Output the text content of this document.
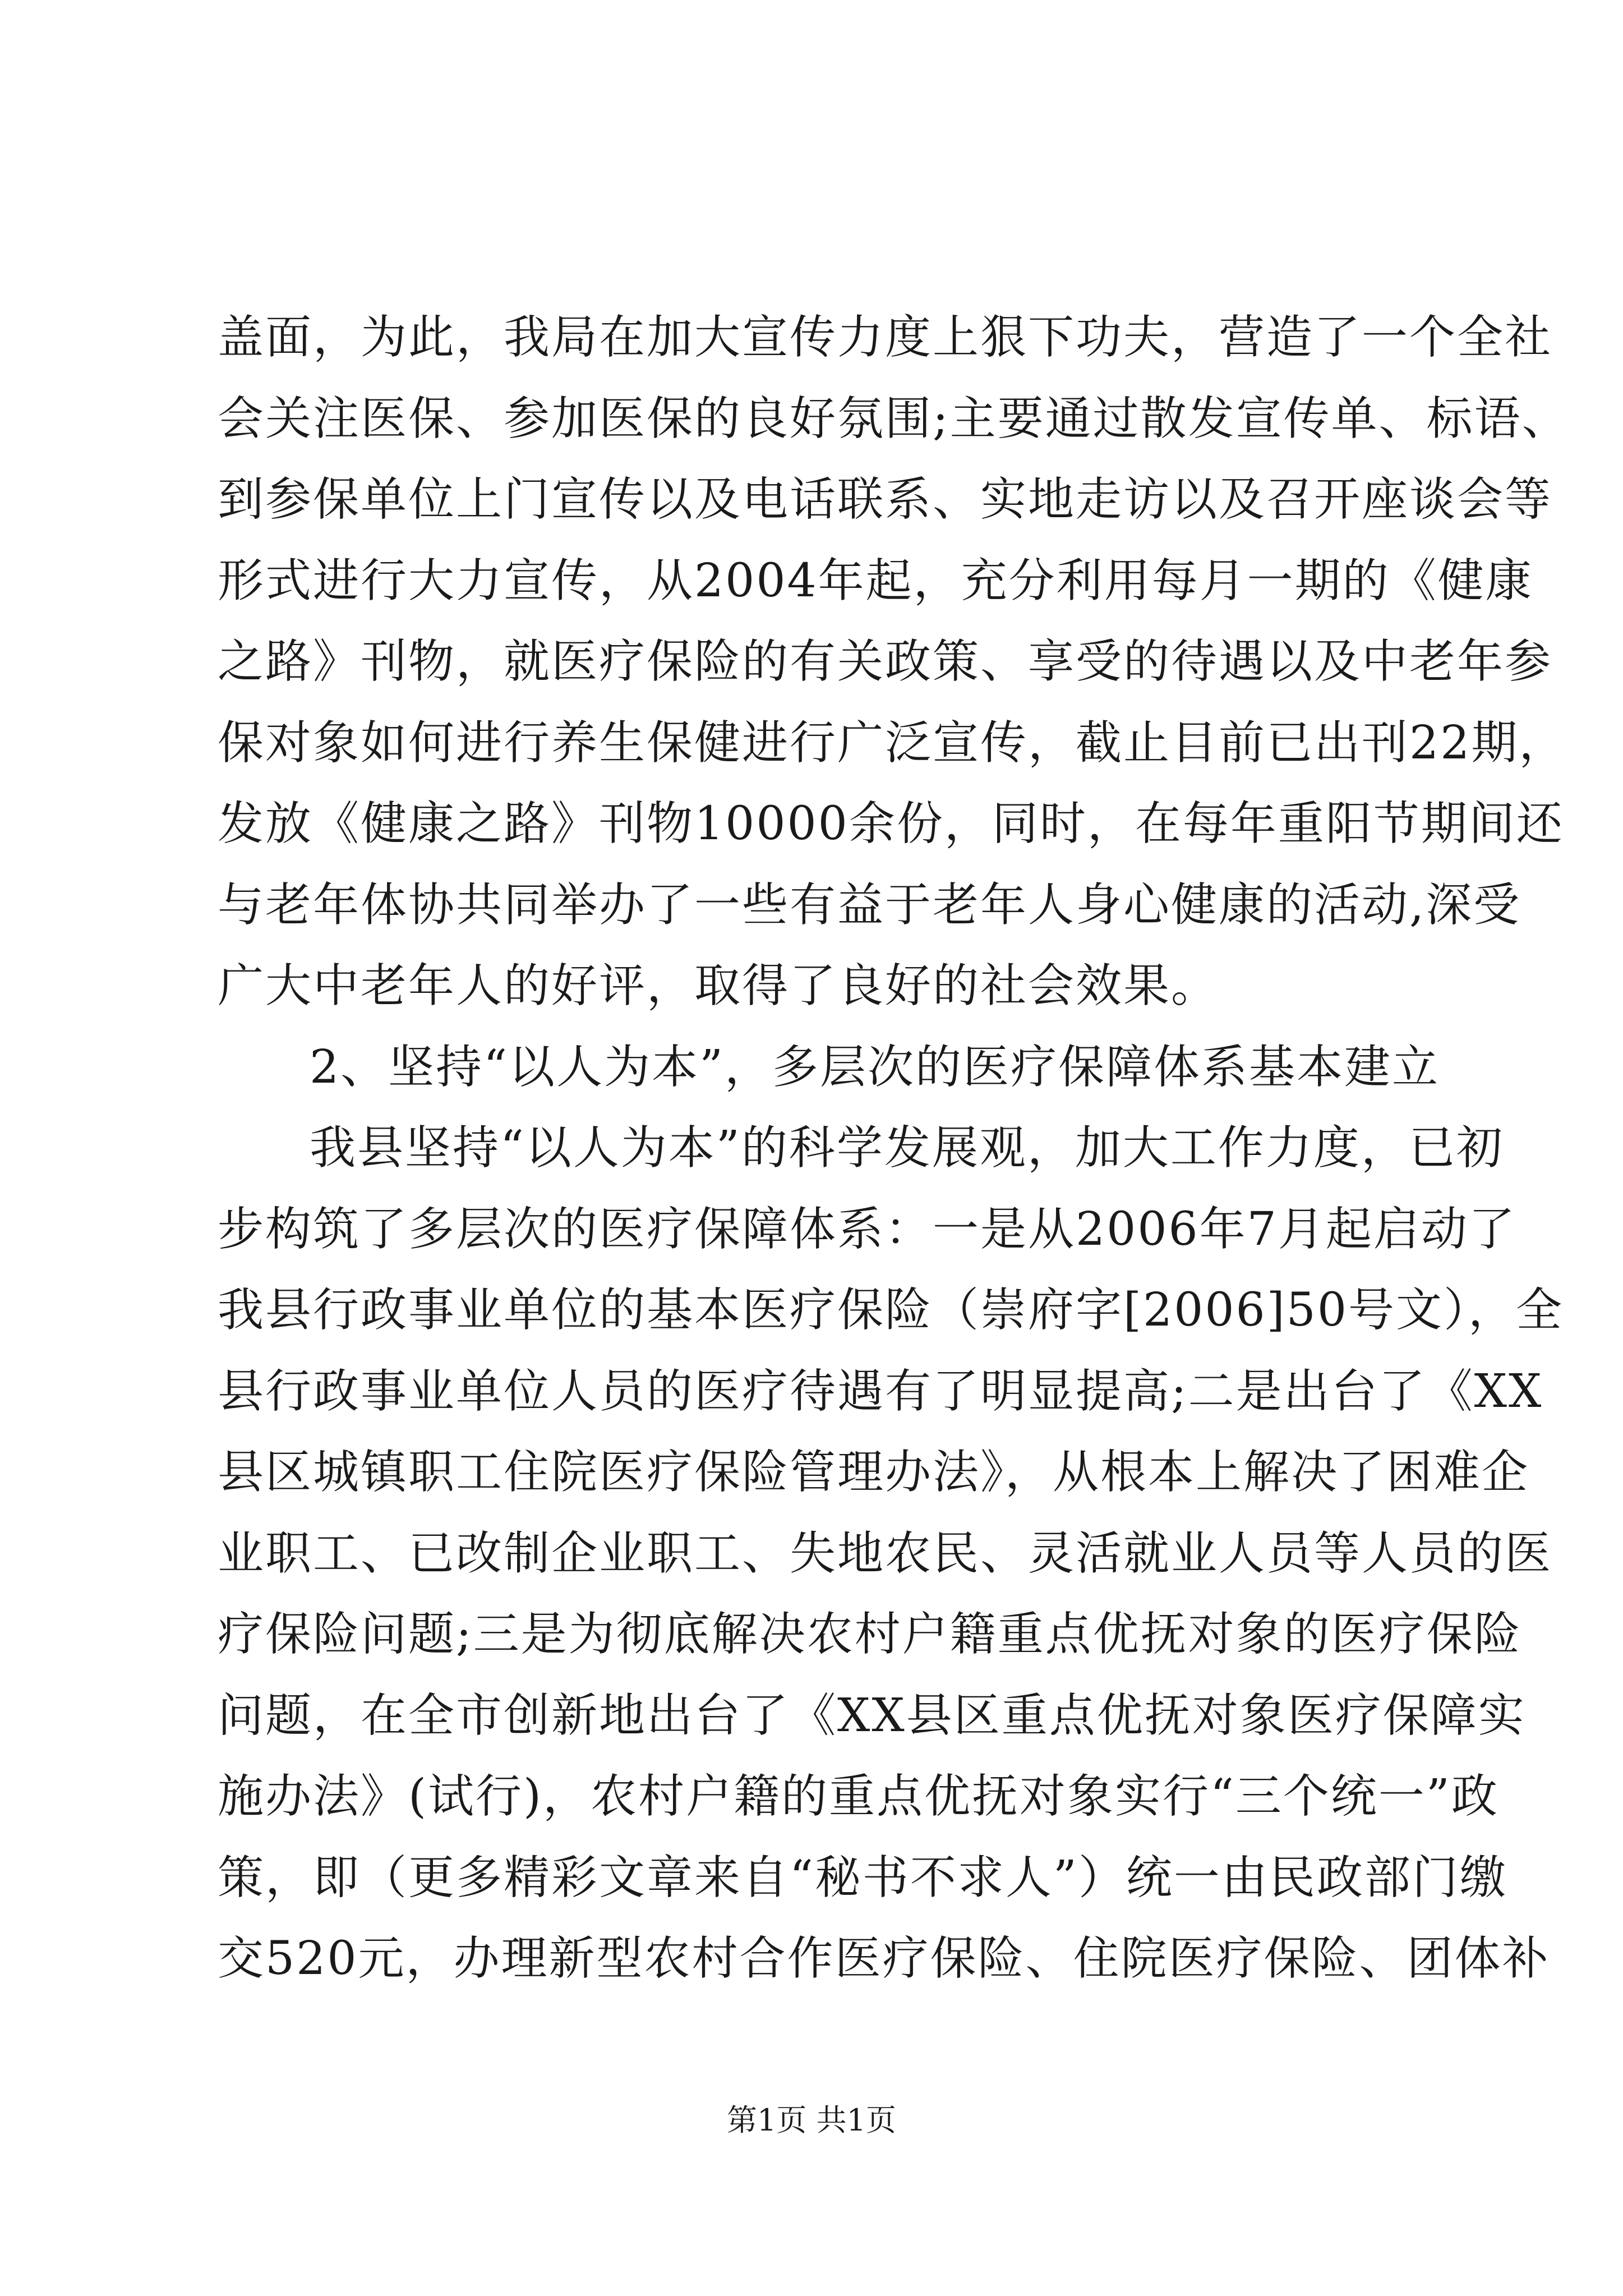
盖面，为此，我局在加大宣传力度上狠下功夫，营造了一个全社
会关注医保、参加医保的良好氛围;主要通过散发宣传单、标语、
到参保单位上门宣传以及电话联系、实地走访以及召开座谈会等
形式进行大力宣传，从2004年起，充分利用每月一期的《健康
之路》刊物，就医疗保险的有关政策、享受的待遇以及中老年参
保对象如何进行养生保健进行广泛宣传，截止目前已出刊22期，
发放《健康之路》刊物10000余份，同时，在每年重阳节期间还
与老年体协共同举办了一些有益于老年人身心健康的活动,深受
广大中老年人的好评，取得了良好的社会效果。
2、坚持“以人为本”，多层次的医疗保障体系基本建立
我县坚持“以人为本”的科学发展观，加大工作力度，已初
步构筑了多层次的医疗保障体系：一是从2006年7月起启动了
我县行政事业单位的基本医疗保险（崇府字[2006]50号文），全
县行政事业单位人员的医疗待遇有了明显提高;二是出台了《XX
县区城镇职工住院医疗保险管理办法》，从根本上解决了困难企
业职工、已改制企业职工、失地农民、灵活就业人员等人员的医
疗保险问题;三是为彻底解决农村户籍重点优抚对象的医疗保险
问题，在全市创新地出台了《XX县区重点优抚对象医疗保障实
施办法》(试行)，农村户籍的重点优抚对象实行“三个统一”政
策，即（更多精彩文章来自“秘书不求人”）统一由民政部门缴
交520元，办理新型农村合作医疗保险、住院医疗保险、团体补
第1页 共1页
